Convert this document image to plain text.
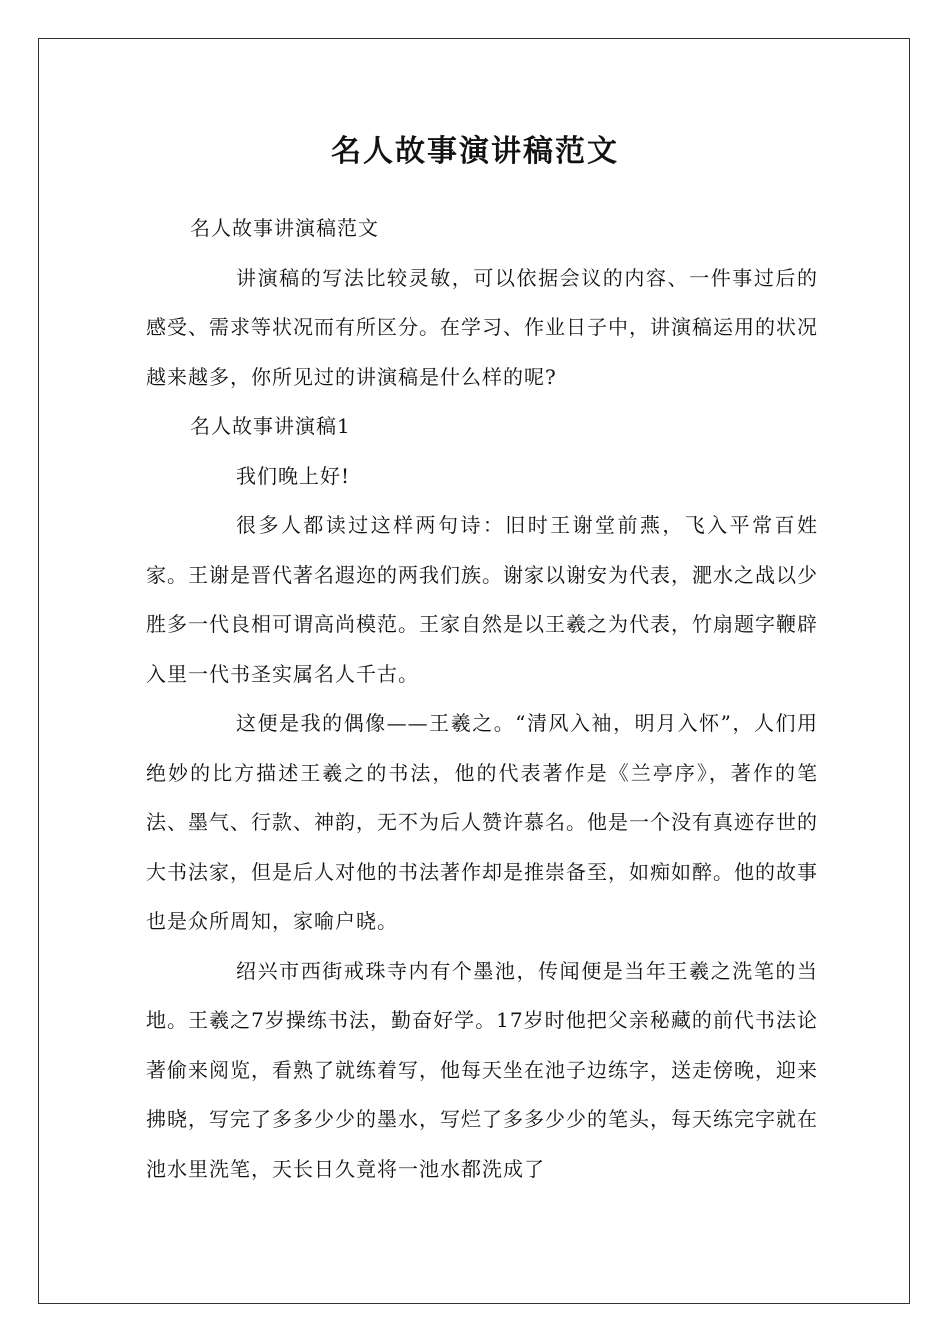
名人故事演讲稿范文

名人故事讲演稿范文

讲演稿的写法比较灵敏，可以依据会议的内容、一件事过后的感受、需求等状况而有所区分。在学习、作业日子中，讲演稿运用的状况越来越多，你所见过的讲演稿是什么样的呢?

名人故事讲演稿1

我们晚上好!

很多人都读过这样两句诗：旧时王谢堂前燕，飞入平常百姓家。王谢是晋代著名遐迩的两我们族。谢家以谢安为代表，淝水之战以少胜多一代良相可谓高尚模范。王家自然是以王羲之为代表，竹扇题字鞭辟入里一代书圣实属名人千古。

这便是我的偶像——王羲之。“清风入袖，明月入怀”，人们用绝妙的比方描述王羲之的书法，他的代表著作是《兰亭序》，著作的笔法、墨气、行款、神韵，无不为后人赞许慕名。他是一个没有真迹存世的大书法家，但是后人对他的书法著作却是推崇备至，如痴如醉。他的故事也是众所周知，家喻户晓。

绍兴市西街戒珠寺内有个墨池，传闻便是当年王羲之洗笔的当地。王羲之7岁操练书法，勤奋好学。17岁时他把父亲秘藏的前代书法论著偷来阅览，看熟了就练着写，他每天坐在池子边练字，送走傍晚，迎来拂晓，写完了多多少少的墨水，写烂了多多少少的笔头，每天练完字就在池水里洗笔，天长日久竟将一池水都洗成了
